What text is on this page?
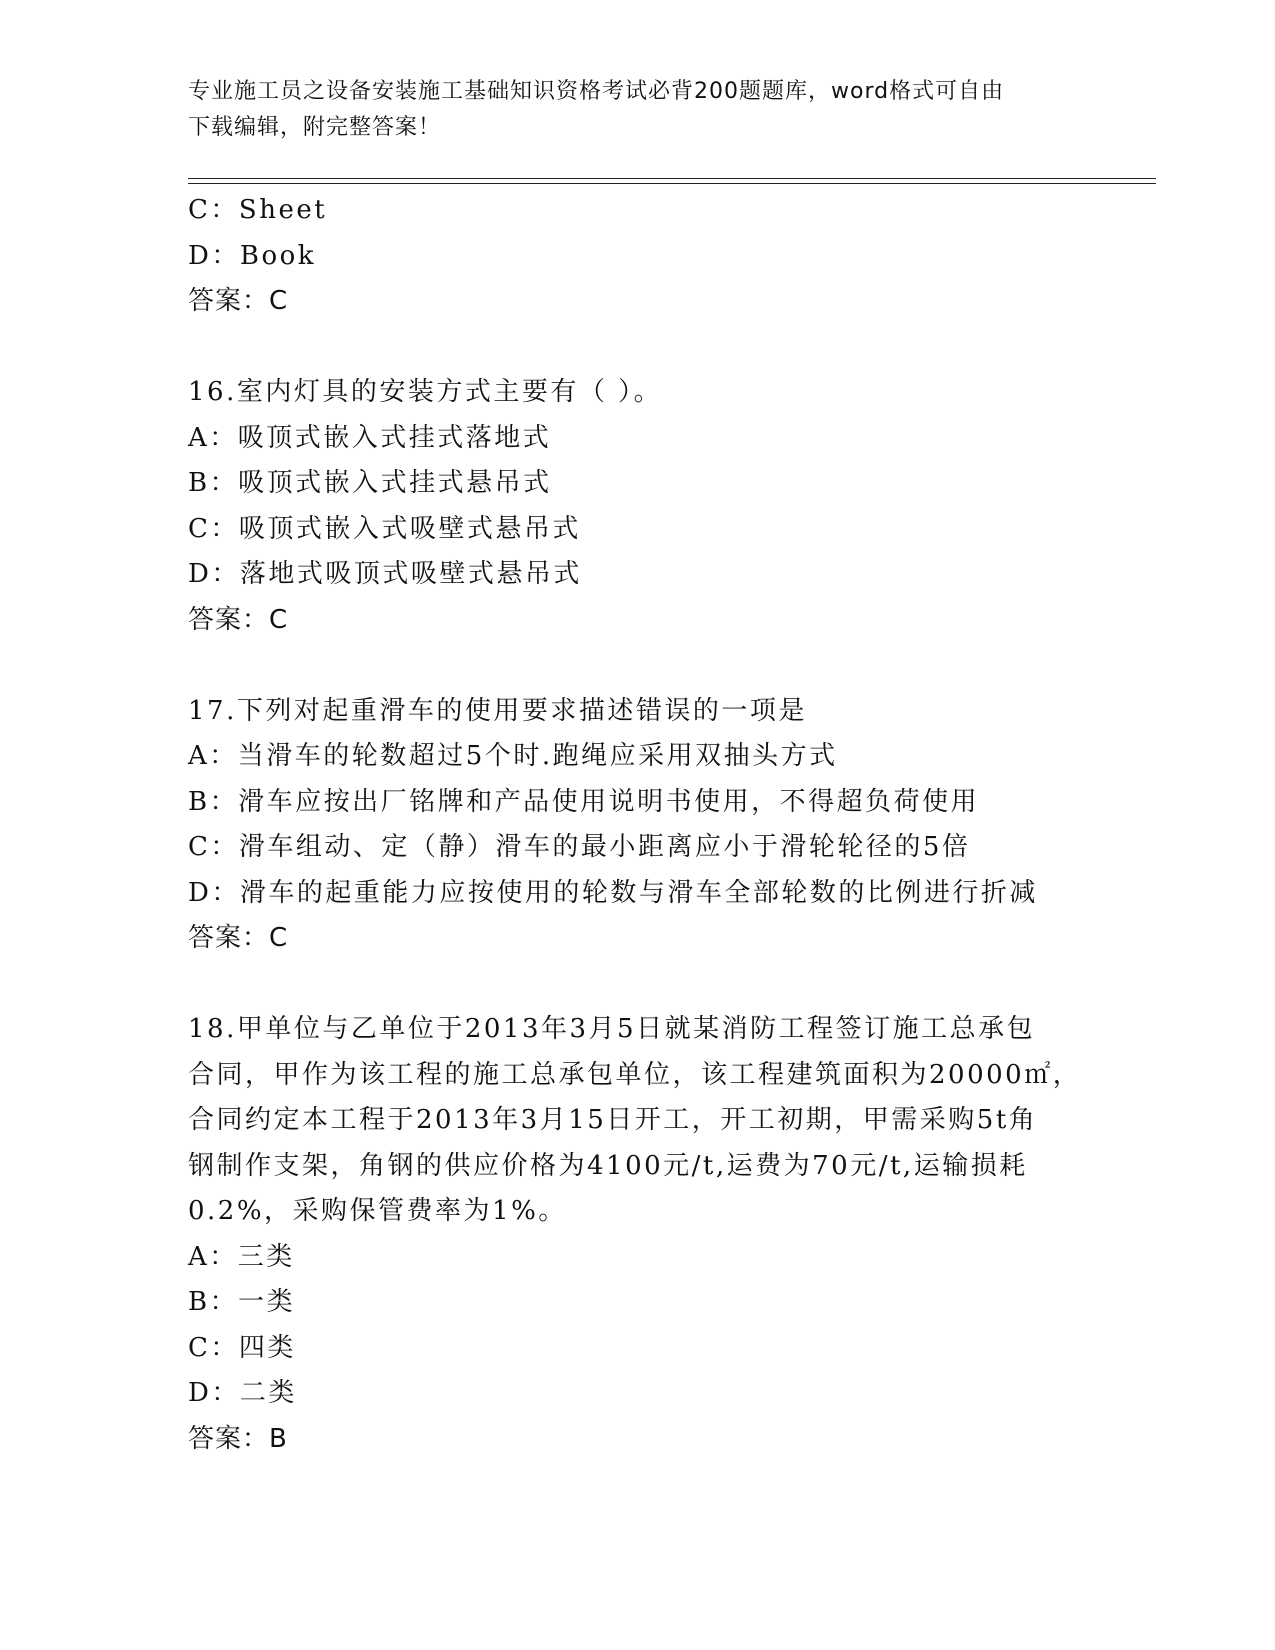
专业施工员之设备安装施工基础知识资格考试必背200题题库，word格式可自由
下载编辑，附完整答案！
C：Sheet
D：Book
答案：C
16.室内灯具的安装方式主要有（ ）。
A：吸顶式嵌入式挂式落地式
B：吸顶式嵌入式挂式悬吊式
C：吸顶式嵌入式吸壁式悬吊式
D：落地式吸顶式吸壁式悬吊式
答案：C
17.下列对起重滑车的使用要求描述错误的一项是
A：当滑车的轮数超过5个时.跑绳应采用双抽头方式
B：滑车应按出厂铭牌和产品使用说明书使用，不得超负荷使用
C：滑车组动、定（静）滑车的最小距离应小于滑轮轮径的5倍
D：滑车的起重能力应按使用的轮数与滑车全部轮数的比例进行折减
答案：C
18.甲单位与乙单位于2013年3月5日就某消防工程签订施工总承包
合同，甲作为该工程的施工总承包单位，该工程建筑面积为20000㎡，
合同约定本工程于2013年3月15日开工，开工初期，甲需采购5t角
钢制作支架，角钢的供应价格为4100元/t,运费为70元/t,运输损耗
0.2%，采购保管费率为1%。
A：三类
B：一类
C：四类
D：二类
答案：B
